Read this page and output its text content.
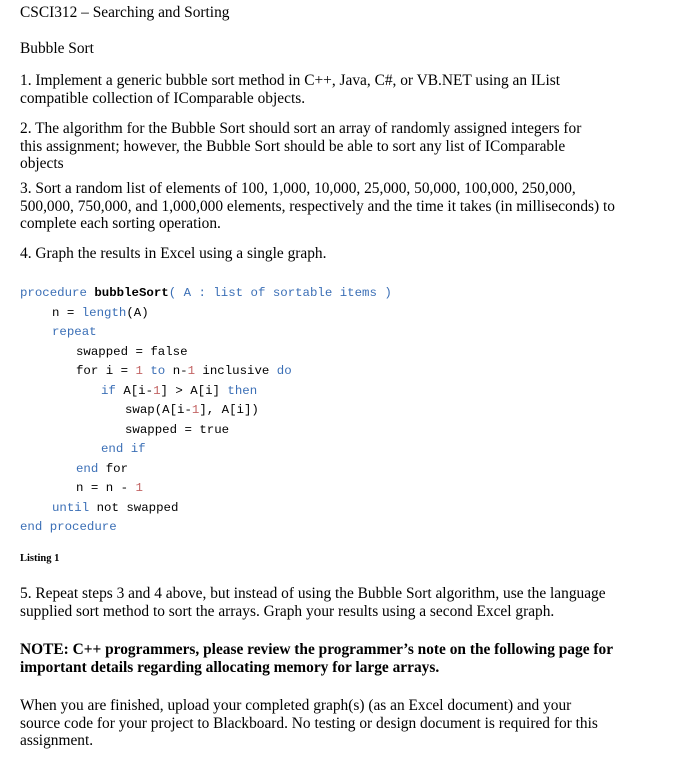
CSCI312 – Searching and Sorting
Bubble Sort
1. Implement a generic bubble sort method in C++, Java, C#, or VB.NET using an IList
compatible collection of IComparable objects.
2. The algorithm for the Bubble Sort should sort an array of randomly assigned integers for
this assignment; however, the Bubble Sort should be able to sort any list of IComparable
objects
3. Sort a random list of elements of 100, 1,000, 10,000, 25,000, 50,000, 100,000, 250,000,
500,000, 750,000, and 1,000,000 elements, respectively and the time it takes (in milliseconds) to
complete each sorting operation.
4. Graph the results in Excel using a single graph.
procedure bubbleSort( A : list of sortable items )
n = length(A)
repeat
swapped = false
for i = 1 to n-1 inclusive do
if A[i-1] > A[i] then
swap(A[i-1], A[i])
swapped = true
end if
end for
n = n - 1
until not swapped
end procedure
Listing 1
5. Repeat steps 3 and 4 above, but instead of using the Bubble Sort algorithm, use the language
supplied sort method to sort the arrays. Graph your results using a second Excel graph.
NOTE: C++ programmers, please review the programmer’s note on the following page for
important details regarding allocating memory for large arrays.
When you are finished, upload your completed graph(s) (as an Excel document) and your
source code for your project to Blackboard. No testing or design document is required for this
assignment.
